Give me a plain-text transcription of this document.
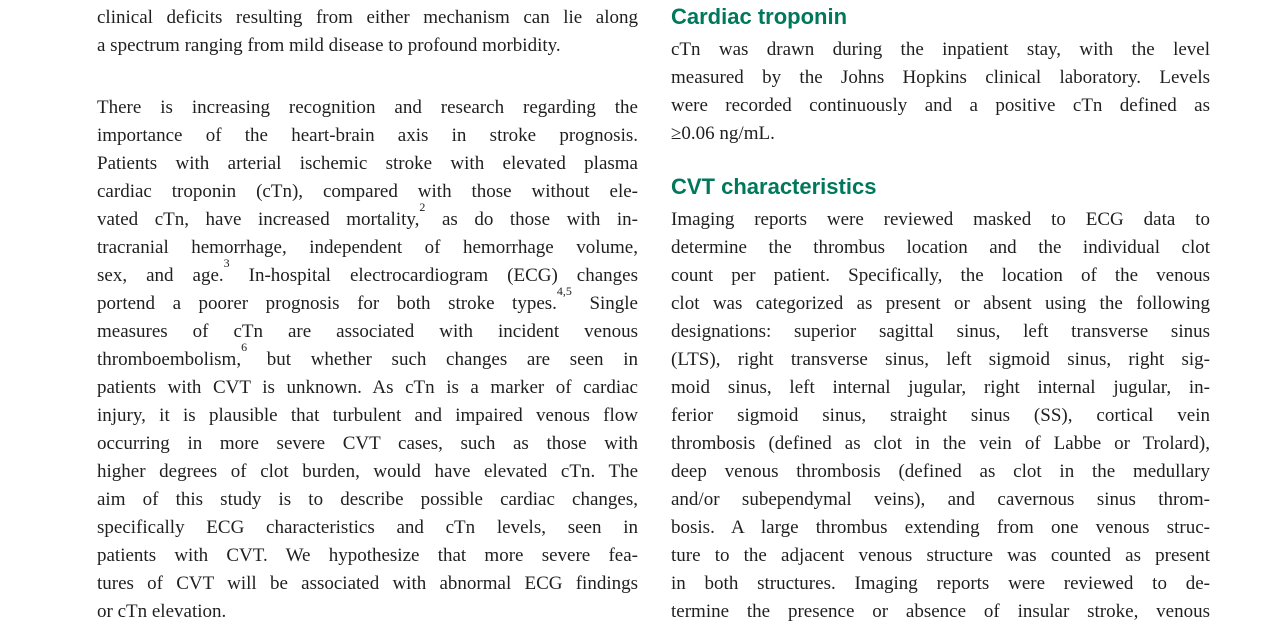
clinical deficits resulting from either mechanism can lie along
a spectrum ranging from mild disease to profound morbidity.
There is increasing recognition and research regarding the
importance of the heart-brain axis in stroke prognosis.
Patients with arterial ischemic stroke with elevated plasma
cardiac troponin (cTn), compared with those without ele-
vated cTn, have increased mortality,$^2$ as do those with in-
tracranial hemorrhage, independent of hemorrhage volume,
sex, and age.$^3$ In-hospital electrocardiogram (ECG) changes
portend a poorer prognosis for both stroke types.$^{4,5}$ Single
measures of cTn are associated with incident venous
thromboembolism,$^6$ but whether such changes are seen in
patients with CVT is unknown. As cTn is a marker of cardiac
injury, it is plausible that turbulent and impaired venous flow
occurring in more severe CVT cases, such as those with
higher degrees of clot burden, would have elevated cTn. The
aim of this study is to describe possible cardiac changes,
specifically ECG characteristics and cTn levels, seen in
patients with CVT. We hypothesize that more severe fea-
tures of CVT will be associated with abnormal ECG findings
or cTn elevation.
Cardiac troponin
cTn was drawn during the inpatient stay, with the level
measured by the Johns Hopkins clinical laboratory. Levels
were recorded continuously and a positive cTn defined as
≥0.06 ng/mL.
CVT characteristics
Imaging reports were reviewed masked to ECG data to
determine the thrombus location and the individual clot
count per patient. Specifically, the location of the venous
clot was categorized as present or absent using the following
designations: superior sagittal sinus, left transverse sinus
(LTS), right transverse sinus, left sigmoid sinus, right sig-
moid sinus, left internal jugular, right internal jugular, in-
ferior sigmoid sinus, straight sinus (SS), cortical vein
thrombosis (defined as clot in the vein of Labbe or Trolard),
deep venous thrombosis (defined as clot in the medullary
and/or subependymal veins), and cavernous sinus throm-
bosis. A large thrombus extending from one venous struc-
ture to the adjacent venous structure was counted as present
in both structures. Imaging reports were reviewed to de-
termine the presence or absence of insular stroke, venous
